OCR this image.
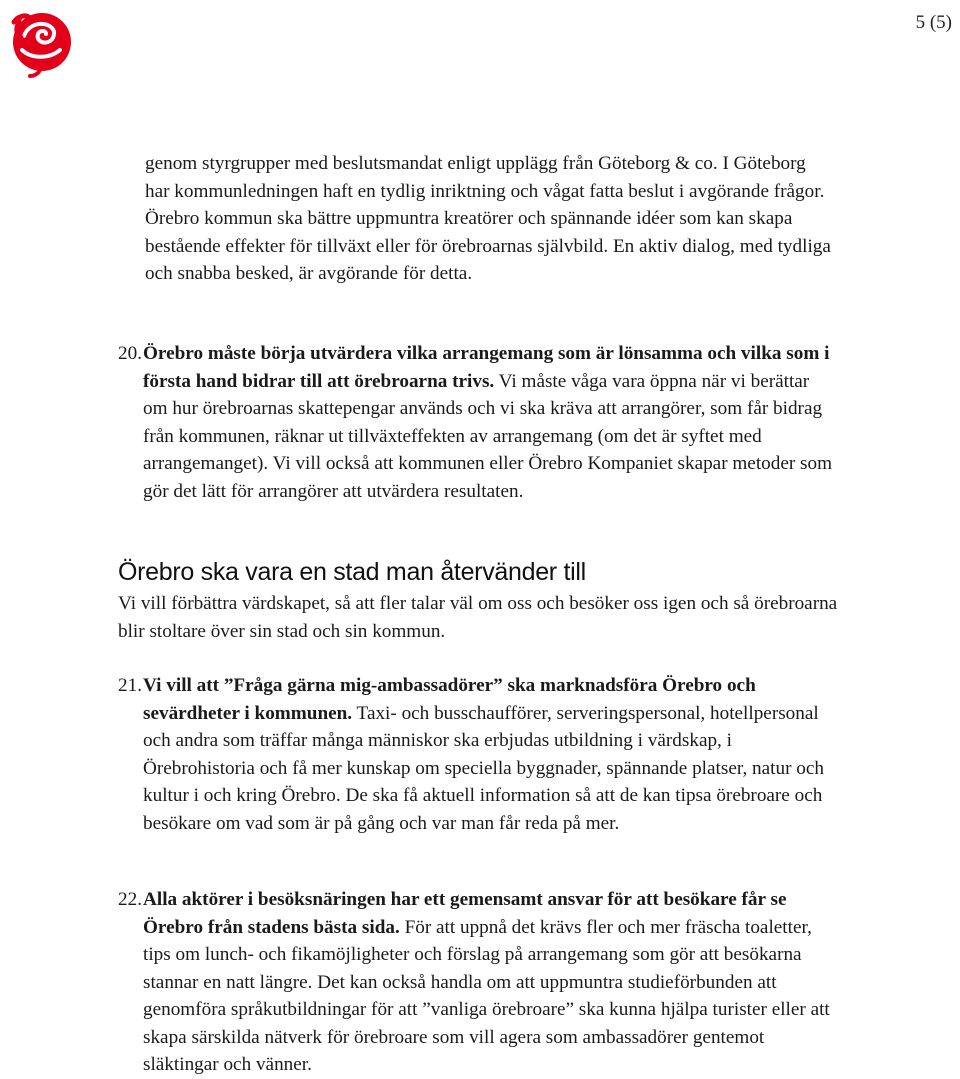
5 (5)

genom styrgrupper med beslutsmandat enligt upplägg från Göteborg & co. I Göteborg har kommunledningen haft en tydlig inriktning och vågat fatta beslut i avgörande frågor. Örebro kommun ska bättre uppmuntra kreatörer och spännande idéer som kan skapa bestående effekter för tillväxt eller för örebroarnas självbild. En aktiv dialog, med tydliga och snabba besked, är avgörande för detta.

20. Örebro måste börja utvärdera vilka arrangemang som är lönsamma och vilka som i första hand bidrar till att örebroarna trivs. Vi måste våga vara öppna när vi berättar om hur örebroarnas skattepengar används och vi ska kräva att arrangörer, som får bidrag från kommunen, räknar ut tillväxteffekten av arrangemang (om det är syftet med arrangemanget). Vi vill också att kommunen eller Örebro Kompaniet skapar metoder som gör det lätt för arrangörer att utvärdera resultaten.
Örebro ska vara en stad man återvänder till

Vi vill förbättra värdskapet, så att fler talar väl om oss och besöker oss igen och så örebroarna blir stoltare över sin stad och sin kommun.

21. Vi vill att ”Fråga gärna mig-ambassadörer” ska marknadsföra Örebro och sevärdheter i kommunen. Taxi- och busschaufförer, serveringspersonal, hotellpersonal och andra som träffar många människor ska erbjudas utbildning i värdskap, i Örebrohistoria och få mer kunskap om speciella byggnader, spännande platser, natur och kultur i och kring Örebro. De ska få aktuell information så att de kan tipsa örebroare och besökare om vad som är på gång och var man får reda på mer.
22. Alla aktörer i besöksnäringen har ett gemensamt ansvar för att besökare får se Örebro från stadens bästa sida. För att uppnå det krävs fler och mer fräscha toaletter, tips om lunch- och fikamöjligheter och förslag på arrangemang som gör att besökarna stannar en natt längre. Det kan också handla om att uppmuntra studieförbunden att genomföra språkutbildningar för att ”vanliga örebroare” ska kunna hjälpa turister eller att skapa särskilda nätverk för örebroare som vill agera som ambassadörer gentemot släktingar och vänner.
